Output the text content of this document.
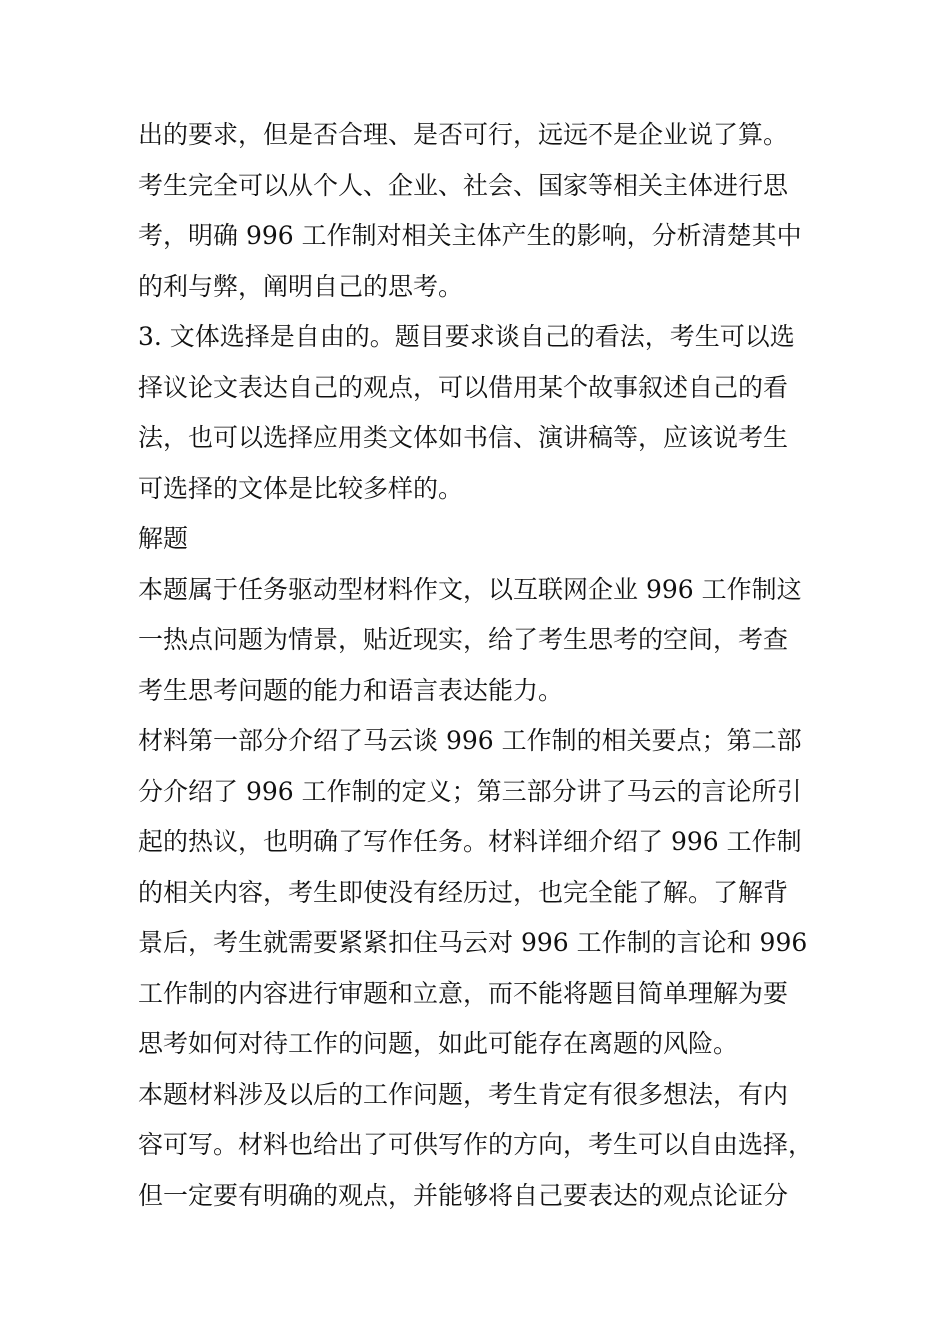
出的要求，但是否合理、是否可行，远远不是企业说了算。
考生完全可以从个人、企业、社会、国家等相关主体进行思
考，明确 996 工作制对相关主体产生的影响，分析清楚其中
的利与弊，阐明自己的思考。
3. 文体选择是自由的。题目要求谈自己的看法，考生可以选
择议论文表达自己的观点，可以借用某个故事叙述自己的看
法，也可以选择应用类文体如书信、演讲稿等，应该说考生
可选择的文体是比较多样的。
解题
本题属于任务驱动型材料作文，以互联网企业 996 工作制这
一热点问题为情景，贴近现实，给了考生思考的空间，考查
考生思考问题的能力和语言表达能力。
材料第一部分介绍了马云谈 996 工作制的相关要点；第二部
分介绍了 996 工作制的定义；第三部分讲了马云的言论所引
起的热议，也明确了写作任务。材料详细介绍了 996 工作制
的相关内容，考生即使没有经历过，也完全能了解。了解背
景后，考生就需要紧紧扣住马云对 996 工作制的言论和 996
工作制的内容进行审题和立意，而不能将题目简单理解为要
思考如何对待工作的问题，如此可能存在离题的风险。
本题材料涉及以后的工作问题，考生肯定有很多想法，有内
容可写。材料也给出了可供写作的方向，考生可以自由选择，
但一定要有明确的观点，并能够将自己要表达的观点论证分
